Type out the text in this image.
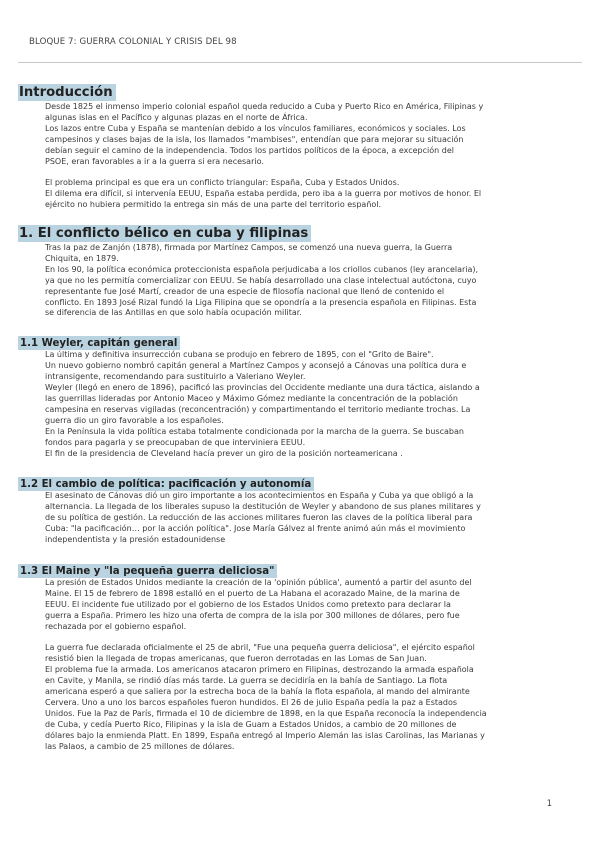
BLOQUE 7: GUERRA COLONIAL Y CRISIS DEL 98
Introducción

Desde 1825 el inmenso imperio colonial español queda reducido a Cuba y Puerto Rico en América, Filipinas y

algunas islas en el Pacífico y algunas plazas en el norte de África.

Los lazos entre Cuba y España se mantenían debido a los vínculos familiares, económicos y sociales. Los

campesinos y clases bajas de la isla, los llamados "mambises", entendían que para mejorar su situación

debían seguir el camino de la independencia. Todos los partidos políticos de la época, a excepción del

PSOE, eran favorables a ir a la guerra si era necesario.

El problema principal es que era un conflicto triangular: España, Cuba y Estados Unidos.

El dilema era difícil, si intervenía EEUU, España estaba perdida, pero iba a la guerra por motivos de honor. El

ejército no hubiera permitido la entrega sin más de una parte del territorio español.

1. El conflicto bélico en cuba y filipinas

Tras la paz de Zanjón (1878), firmada por Martínez Campos, se comenzó una nueva guerra, la Guerra

Chiquita, en 1879.

En los 90, la política económica proteccionista española perjudicaba a los criollos cubanos (ley arancelaria),

ya que no les permitía comercializar con EEUU. Se había desarrollado una clase intelectual autóctona, cuyo

representante fue José Martí, creador de una especie de filosofía nacional que llenó de contenido el

conflicto. En 1893 José Rizal fundó la Liga Filipina que se opondría a la presencia española en Filipinas. Esta

se diferencia de las Antillas en que solo había ocupación militar.

1.1 Weyler, capitán general

La última y definitiva insurrección cubana se produjo en febrero de 1895, con el "Grito de Baire".

Un nuevo gobierno nombró capitán general a Martínez Campos y aconsejó a Cánovas una política dura e

intransigente, recomendando para sustituirlo a Valeriano Weyler.

Weyler (llegó en enero de 1896), pacificó las provincias del Occidente mediante una dura táctica, aislando a

las guerrillas lideradas por Antonio Maceo y Máximo Gómez mediante la concentración de la población

campesina en reservas vigiladas (reconcentración) y compartimentando el territorio mediante trochas. La

guerra dio un giro favorable a los españoles.

En la Península la vida política estaba totalmente condicionada por la marcha de la guerra. Se buscaban

fondos para pagarla y se preocupaban de que interviniera EEUU.

El fin de la presidencia de Cleveland hacía prever un giro de la posición norteamericana .

1.2 El cambio de política: pacificación y autonomía

El asesinato de Cánovas dió un giro importante a los acontecimientos en España y Cuba ya que obligó a la

alternancia. La llegada de los liberales supuso la destitución de Weyler y abandono de sus planes militares y

de su política de gestión. La reducción de las acciones militares fueron las claves de la política liberal para

Cuba: "la pacificación… por la acción política". Jose María Gálvez al frente animó aún más el movimiento

independentista y la presión estadounidense

1.3 El Maine y "la pequeña guerra deliciosa"

La presión de Estados Unidos mediante la creación de la 'opinión pública', aumentó a partir del asunto del

Maine. El 15 de febrero de 1898 estalló en el puerto de La Habana el acorazado Maine, de la marina de

EEUU. El incidente fue utilizado por el gobierno de los Estados Unidos como pretexto para declarar la

guerra a España. Primero les hizo una oferta de compra de la isla por 300 millones de dólares, pero fue

rechazada por el gobierno español.

La guerra fue declarada oficialmente el 25 de abril, "Fue una pequeña guerra deliciosa", el ejército español

resistió bien la llegada de tropas americanas, que fueron derrotadas en las Lomas de San Juan.

El problema fue la armada. Los americanos atacaron primero en Filipinas, destrozando la armada española

en Cavite, y Manila, se rindió días más tarde. La guerra se decidiría en la bahía de Santiago. La flota

americana esperó a que saliera por la estrecha boca de la bahía la flota española, al mando del almirante

Cervera. Uno a uno los barcos españoles fueron hundidos. El 26 de julio España pedía la paz a Estados

Unidos. Fue la Paz de París, firmada el 10 de diciembre de 1898, en la que España reconocía la independencia

de Cuba, y cedía Puerto Rico, Filipinas y la isla de Guam a Estados Unidos, a cambio de 20 millones de

dólares bajo la enmienda Platt. En 1899, España entregó al Imperio Alemán las islas Carolinas, las Marianas y

las Palaos, a cambio de 25 millones de dólares.

1
